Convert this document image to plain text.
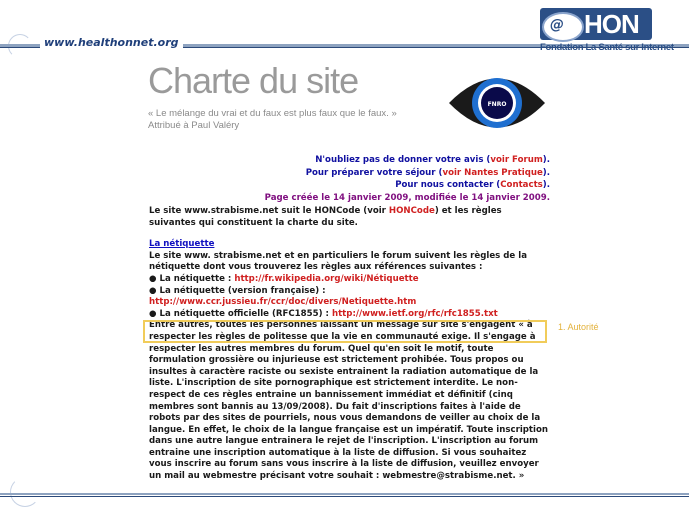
www.healthonnet.org
@ HON
Fondation La Santé sur Internet
Charte du site
« Le mélange du vrai et du faux est plus faux que le faux. »
Attribué à Paul Valéry
FNRO
N'oubliez pas de donner votre avis (voir Forum).
Pour préparer votre séjour (voir Nantes Pratique).
Pour nous contacter (Contacts).
Page créée le 14 janvier 2009, modifiée le 14 janvier 2009.

Le site www.strabisme.net suit le HONCode (voir HONCode) et les règles suivantes qui constituent la charte du site.

La nétiquette

Le site www. strabisme.net et en particuliers le forum suivent les règles de la nétiquette dont vous trouverez les règles aux références suivantes :

● La nétiquette : http://fr.wikipedia.org/wiki/Nétiquette

● La nétiquette (version française) : http://www.ccr.jussieu.fr/ccr/doc/divers/Netiquette.htm

● La nétiquette officielle (RFC1855) : http://www.ietf.org/rfc/rfc1855.txt

Entre autres, toutes les personnes laissant un message sur site s'engagent « à respecter les règles de politesse que la vie en communauté exige. Il s'engage à respecter les autres membres du forum. Quel qu'en soit le motif, toute formulation grossière ou injurieuse est strictement prohibée. Tous propos ou insultes à caractère raciste ou sexiste entrainent la radiation automatique de la liste. L'inscription de site pornographique est strictement interdite. Le non-respect de ces règles entraine un bannissement immédiat et définitif (cinq membres sont bannis au 13/09/2008). Du fait d'inscriptions faites à l'aide de robots par des sites de pourriels, nous vous demandons de veiller au choix de la langue. En effet, le choix de la langue française est un impératif. Toute inscription dans une autre langue entrainera le rejet de l'inscription. L'inscription au forum entraine une inscription automatique à la liste de diffusion. Si vous souhaitez vous inscrire au forum sans vous inscrire à la liste de diffusion, veuillez envoyer un mail au webmestre précisant votre souhait : webmestre@strabisme.net. »

1. Autorité
